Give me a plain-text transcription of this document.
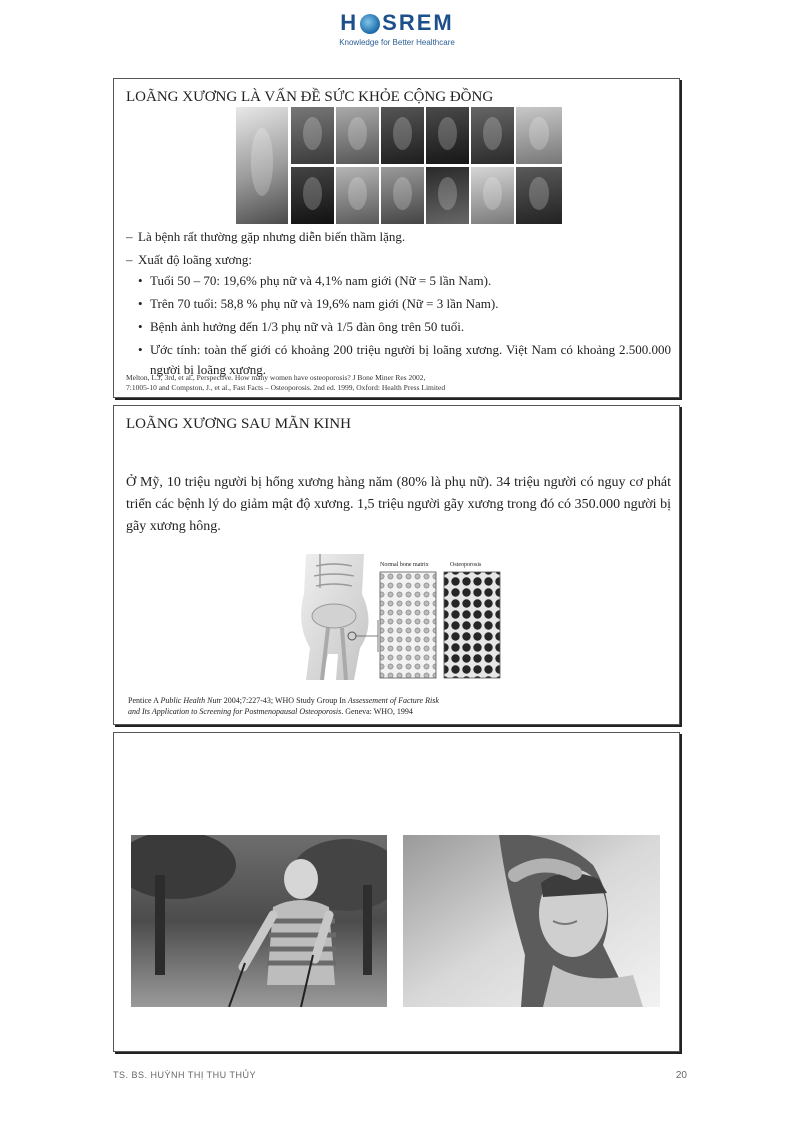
H SREM
Knowledge for Better Healthcare
LOÃNG XƯƠNG LÀ VẤN ĐỀ SỨC KHỎE CỘNG ĐỒNG
– Là bệnh rất thường gặp nhưng diễn biến thầm lặng.
– Xuất độ loãng xương:
• Tuổi 50 – 70: 19,6% phụ nữ và 4,1% nam giới (Nữ = 5 lần Nam).
• Trên 70 tuổi: 58,8 % phụ nữ và 19,6% nam giới (Nữ = 3 lần Nam).
• Bệnh ảnh hưởng đến 1/3 phụ nữ và 1/5 đàn ông trên 50 tuổi.
• Ước tính: toàn thế giới có khoảng 200 triệu người bị loãng xương. Việt Nam có khoảng 2.500.000 người bị loãng xương.
Melton, L.J, 3rd, et al., Perspective. How many women have osteoporosis? J Bone Miner Res 2002,
7:1005-10 and Compston, J., et al., Fast Facts – Osteoporosis. 2nd ed. 1999, Oxford: Health Press Limited
LOÃNG XƯƠNG SAU MÃN KINH
Ở Mỹ, 10 triệu người bị hổng xương hàng năm (80% là phụ nữ). 34 triệu người có nguy cơ phát triển các bệnh lý do giảm mật độ xương. 1,5 triệu người gãy xương trong đó có 350.000 người bị gãy xương hông.
Normal bone matrix	Osteoporosis
Pentice A Public Health Nutr 2004;7:227-43; WHO Study Group In Assessement of Facture Risk
and Its Application to Screening for Postmenopausal Osteoporosis. Geneva: WHO, 1994
TS. BS. HUỲNH THỊ THU THỦY	20
